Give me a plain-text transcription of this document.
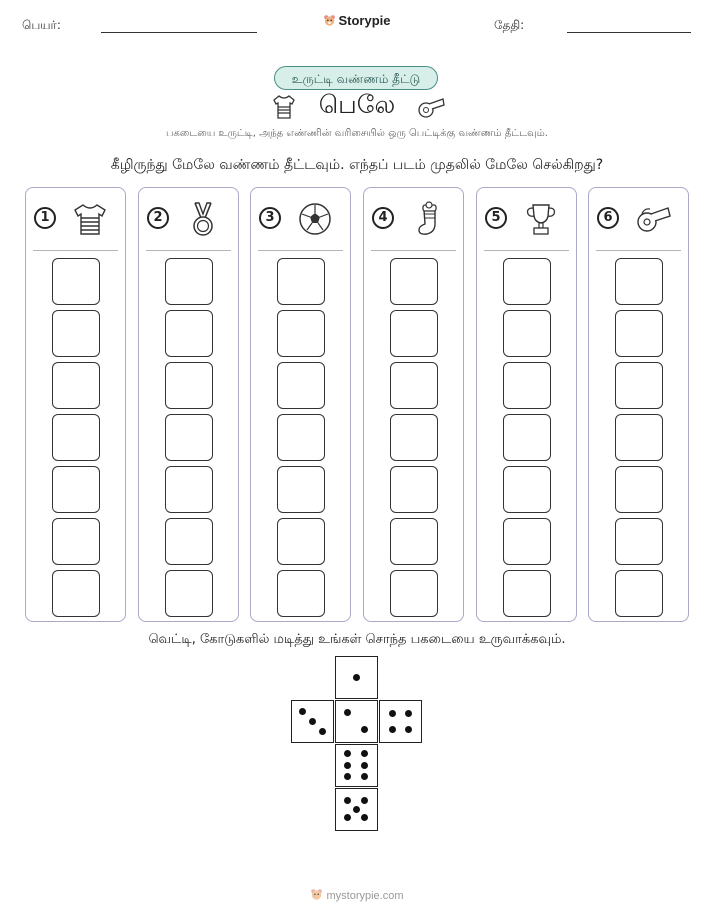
பெயர்:	Storypie	தேதி:
உருட்டி வண்ணம் தீட்டு
பெலே
பகடையை உருட்டி, அந்த எண்ணின் வரிசையில் ஒரு பெட்டிக்கு வண்ணம் தீட்டவும்.
கீழிருந்து மேலே வண்ணம் தீட்டவும். எந்தப் படம் முதலில் மேலே செல்கிறது?
1	2	3	4	5	6
வெட்டி, கோடுகளில் மடித்து உங்கள் சொந்த பகடையை உருவாக்கவும்.
mystorypie.com
